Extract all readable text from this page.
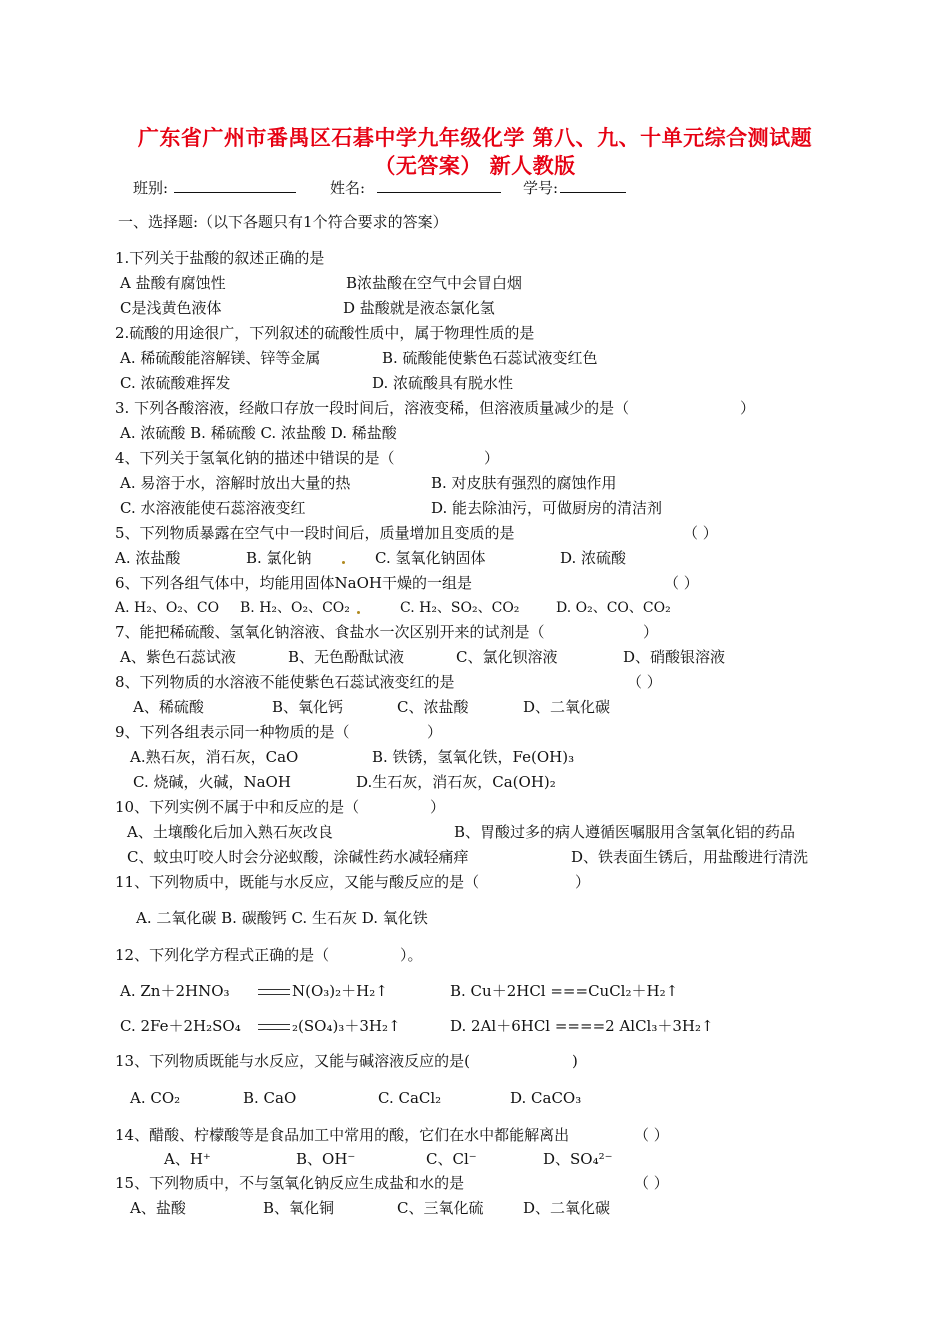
广东省广州市番禺区石碁中学九年级化学 第八、九、十单元综合测试题
（无答案） 新人教版
班别:	姓名:	学号:
一、选择题:（以下各题只有1个符合要求的答案）
1.下列关于盐酸的叙述正确的是
A 盐酸有腐蚀性	B浓盐酸在空气中会冒白烟
C是浅黄色液体	D 盐酸就是液态氯化氢
2.硫酸的用途很广，下列叙述的硫酸性质中，属于物理性质的是
A. 稀硫酸能溶解镁、锌等金属	B. 硫酸能使紫色石蕊试液变红色
C. 浓硫酸难挥发	D. 浓硫酸具有脱水性
3. 下列各酸溶液，经敞口存放一段时间后，溶液变稀，但溶液质量减少的是（	）
A. 浓硫酸 B. 稀硫酸 C. 浓盐酸 D. 稀盐酸
4、下列关于氢氧化钠的描述中错误的是（	）
A. 易溶于水，溶解时放出大量的热	B. 对皮肤有强烈的腐蚀作用
C. 水溶液能使石蕊溶液变红	D. 能去除油污，可做厨房的清洁剂
5、下列物质暴露在空气中一段时间后，质量增加且变质的是	（ ）
A. 浓盐酸	B. 氯化钠	C. 氢氧化钠固体	D. 浓硫酸
6、下列各组气体中，均能用固体NaOH干燥的一组是	（ ）
A. H₂、O₂、CO B. H₂、O₂、CO₂	C. H₂、SO₂、CO₂	D. O₂、CO、CO₂
7、能把稀硫酸、氢氧化钠溶液、食盐水一次区别开来的试剂是（	）
A、紫色石蕊试液	B、无色酚酞试液	C、氯化钡溶液	D、硝酸银溶液
8、下列物质的水溶液不能使紫色石蕊试液变红的是	（ ）
A、稀硫酸	B、氧化钙	C、浓盐酸	D、二氧化碳
9、下列各组表示同一种物质的是（	）
A.熟石灰，消石灰，CaO	B. 铁锈，氢氧化铁，Fe(OH)₃
C. 烧碱，火碱，NaOH	D.生石灰，消石灰，Ca(OH)₂
10、下列实例不属于中和反应的是（	）
A、土壤酸化后加入熟石灰改良	B、胃酸过多的病人遵循医嘱服用含氢氧化铝的药品
C、蚊虫叮咬人时会分泌蚁酸，涂碱性药水减轻痛痒	D、铁表面生锈后，用盐酸进行清洗
11、下列物质中，既能与水反应，又能与酸反应的是（	）
A. 二氧化碳 B. 碳酸钙 C. 生石灰 D. 氧化铁
12、下列化学方程式正确的是（	）。
A. Zn＋2HNO₃	N(O₃)₂＋H₂↑	B. Cu＋2HCl ===CuCl₂＋H₂↑
C. 2Fe＋2H₂SO₄	₂(SO₄)₃＋3H₂↑	D. 2Al＋6HCl ====2 AlCl₃＋3H₂↑
13、下列物质既能与水反应，又能与碱溶液反应的是(	)
A. CO₂	B. CaO	C. CaCl₂	D. CaCO₃
14、醋酸、柠檬酸等是食品加工中常用的酸，它们在水中都能解离出	（ ）
A、H⁺	B、OH⁻	C、Cl⁻	D、SO₄²⁻
15、下列物质中，不与氢氧化钠反应生成盐和水的是	（ ）
A、盐酸	B、氧化铜	C、三氧化硫	D、二氧化碳
